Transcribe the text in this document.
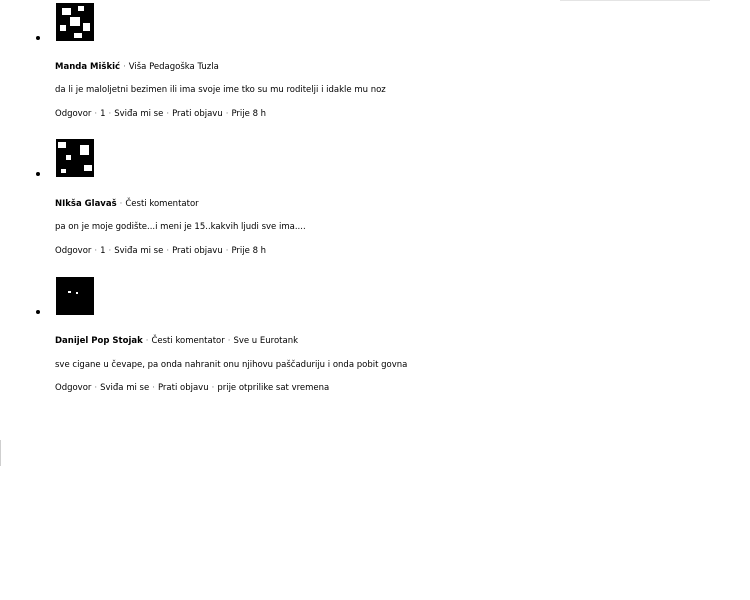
Manda Miškić · Viša Pedagoška Tuzla
da li je maloljetni bezimen ili ima svoje ime tko su mu roditelji i idakle mu noz
Odgovor · 1 · Sviđa mi se · Prati objavu · Prije 8 h
NIkša Glavaš · Česti komentator
pa on je moje godište...i meni je 15..kakvih ljudi sve ima....
Odgovor · 1 · Sviđa mi se · Prati objavu · Prije 8 h
Danijel Pop Stojak · Česti komentator · Sve u Eurotank
sve cigane u čevape, pa onda nahranit onu njihovu paščaduriju i onda pobit govna
Odgovor · Sviđa mi se · Prati objavu · prije otprilike sat vremena
